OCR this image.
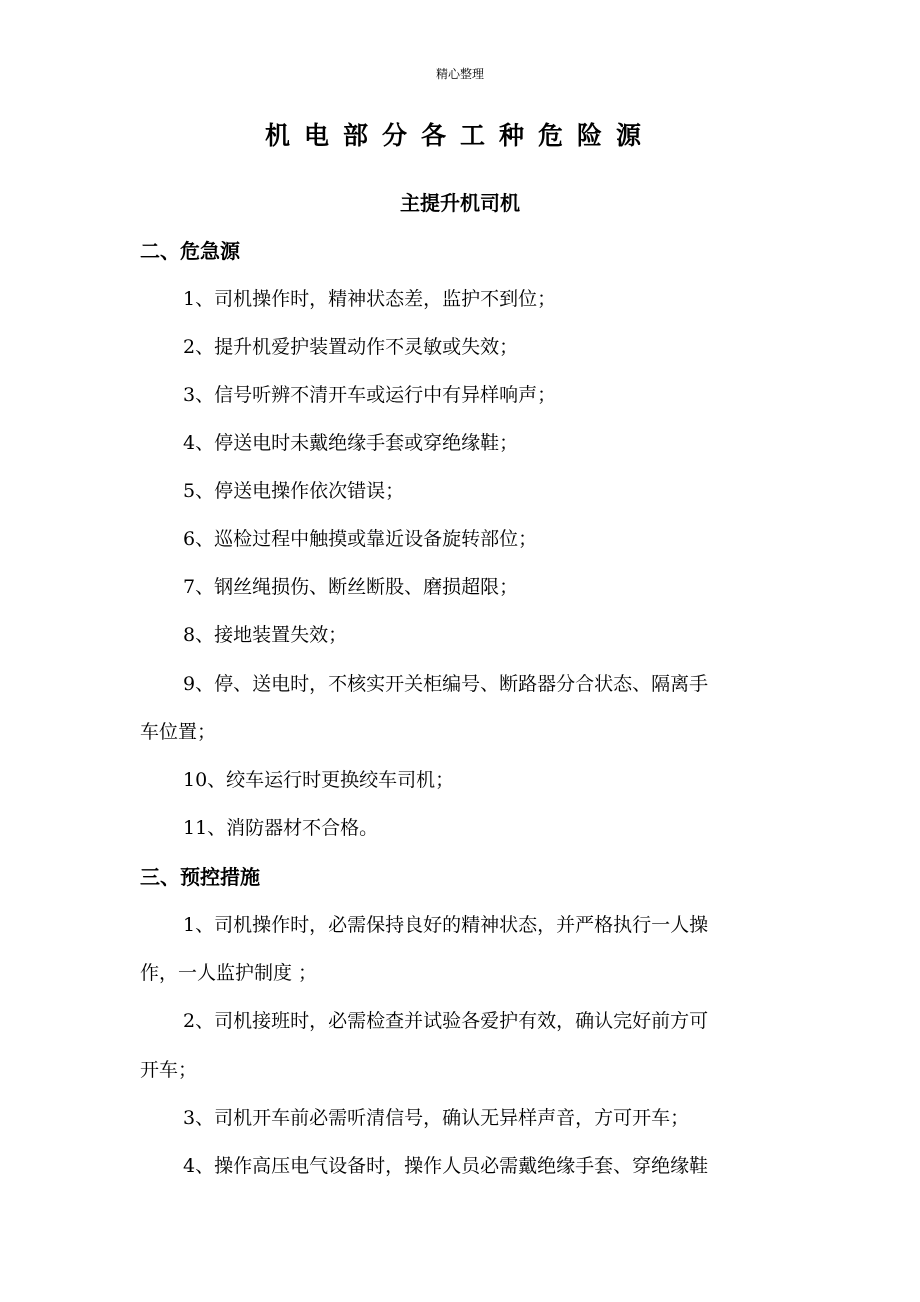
精心整理
机电部分各工种危险源
主提升机司机
二、危急源
1、司机操作时，精神状态差，监护不到位；
2、提升机爱护装置动作不灵敏或失效；
3、信号听辨不清开车或运行中有异样响声；
4、停送电时未戴绝缘手套或穿绝缘鞋；
5、停送电操作依次错误；
6、巡检过程中触摸或靠近设备旋转部位；
7、钢丝绳损伤、断丝断股、磨损超限；
8、接地装置失效；
9、停、送电时，不核实开关柜编号、断路器分合状态、隔离手
车位置；
10、绞车运行时更换绞车司机；
11、消防器材不合格。
三、预控措施
1、司机操作时，必需保持良好的精神状态，并严格执行一人操
作，一人监护制度 ；
2、司机接班时，必需检查并试验各爱护有效，确认完好前方可
开车；
3、司机开车前必需听清信号，确认无异样声音，方可开车；
4、操作高压电气设备时，操作人员必需戴绝缘手套、穿绝缘鞋
